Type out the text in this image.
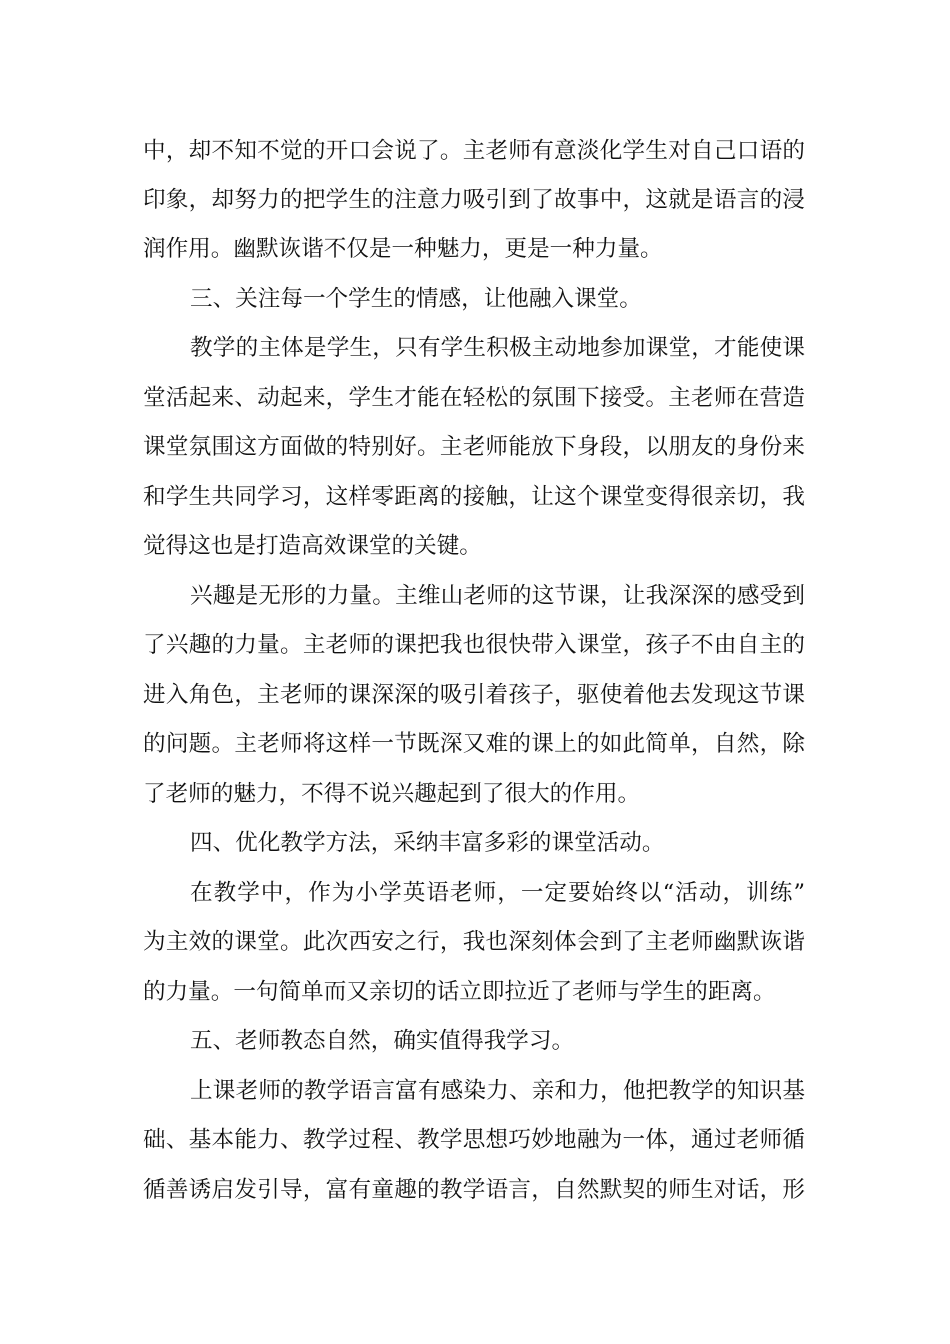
中，却不知不觉的开口会说了。主老师有意淡化学生对自己口语的
印象，却努力的把学生的注意力吸引到了故事中，这就是语言的浸
润作用。幽默诙谐不仅是一种魅力，更是一种力量。
三、关注每一个学生的情感，让他融入课堂。
教学的主体是学生，只有学生积极主动地参加课堂，才能使课
堂活起来、动起来，学生才能在轻松的氛围下接受。主老师在营造
课堂氛围这方面做的特别好。主老师能放下身段，以朋友的身份来
和学生共同学习，这样零距离的接触，让这个课堂变得很亲切，我
觉得这也是打造高效课堂的关键。
兴趣是无形的力量。主维山老师的这节课，让我深深的感受到
了兴趣的力量。主老师的课把我也很快带入课堂，孩子不由自主的
进入角色，主老师的课深深的吸引着孩子，驱使着他去发现这节课
的问题。主老师将这样一节既深又难的课上的如此简单，自然，除
了老师的魅力，不得不说兴趣起到了很大的作用。
四、优化教学方法，采纳丰富多彩的课堂活动。
在教学中，作为小学英语老师，一定要始终以“活动，训练”
为主效的课堂。此次西安之行，我也深刻体会到了主老师幽默诙谐
的力量。一句简单而又亲切的话立即拉近了老师与学生的距离。
五、老师教态自然，确实值得我学习。
上课老师的教学语言富有感染力、亲和力，他把教学的知识基
础、基本能力、教学过程、教学思想巧妙地融为一体，通过老师循
循善诱启发引导，富有童趣的教学语言，自然默契的师生对话，形
